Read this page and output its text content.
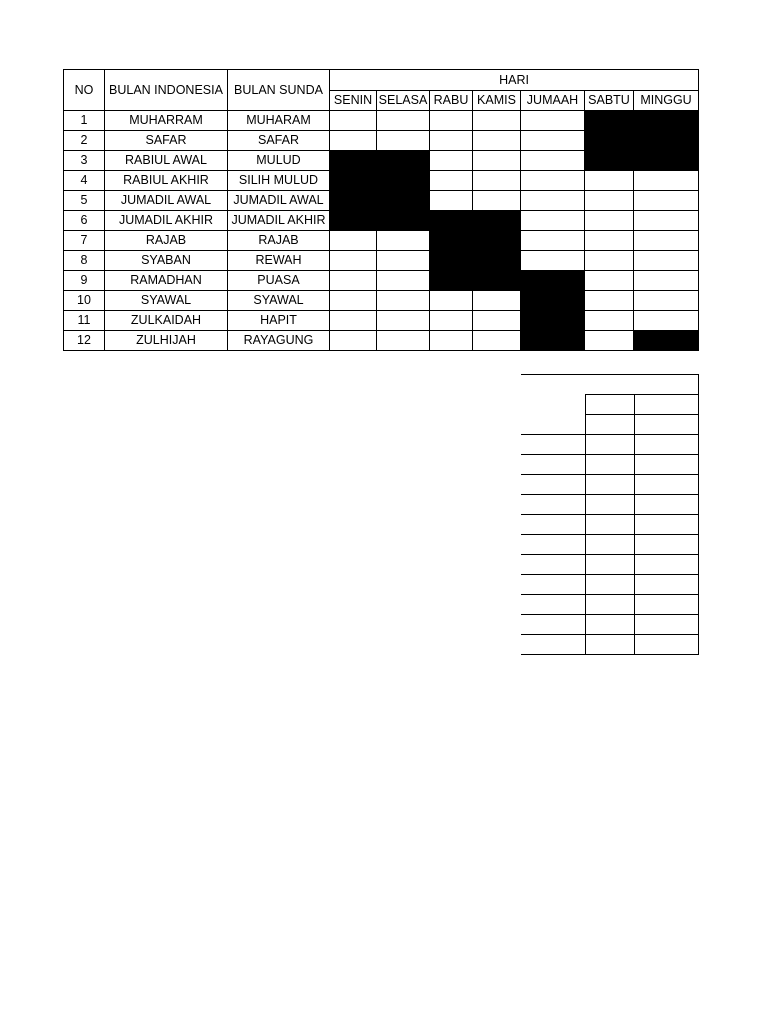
NO	BULAN INDONESIA	BULAN SUNDA	HARI						
			SENIN	SELASA	RABU	KAMIS	JUMAAH	SABTU	MINGGU
1	MUHARRAM	MUHARAM							
2	SAFAR	SAFAR							
3	RABIUL AWAL	MULUD							
4	RABIUL AKHIR	SILIH MULUD							
5	JUMADIL AWAL	JUMADIL AWAL							
6	JUMADIL AKHIR	JUMADIL AKHIR							
7	RAJAB	RAJAB							
8	SYABAN	REWAH							
9	RAMADHAN	PUASA							
10	SYAWAL	SYAWAL							
11	ZULKAIDAH	HAPIT							
12	ZULHIJAH	RAYAGUNG							
